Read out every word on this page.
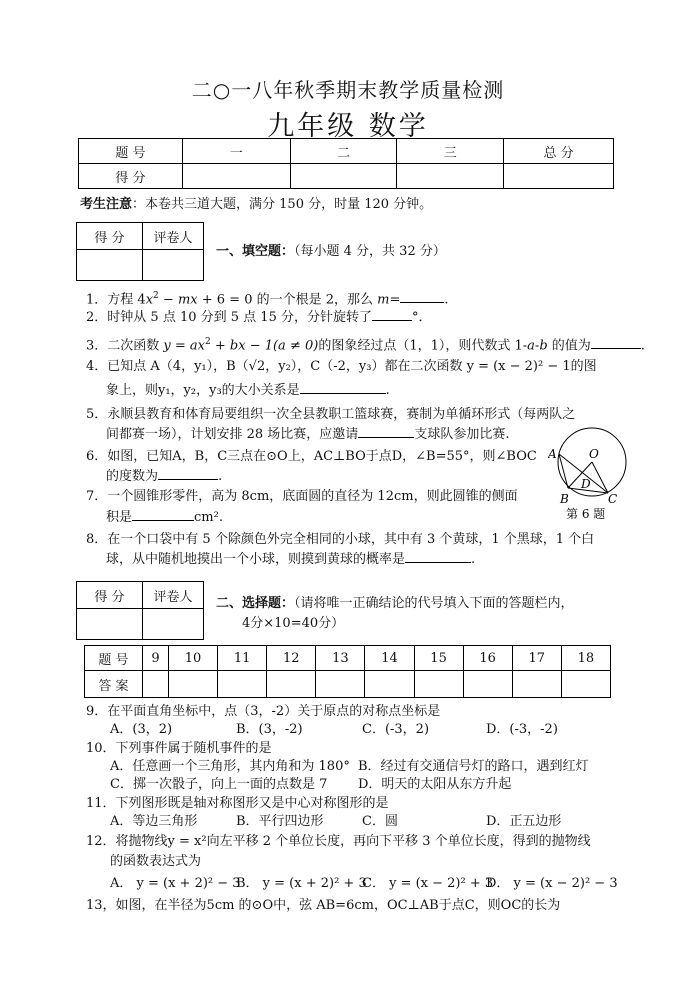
二○一八年秋季期末教学质量检测
九年级 数学
题 号	一	二	三	总 分
得 分				
考生注意：本卷共三道大题，满分 150 分，时量 120 分钟。
得 分	评卷人

一、填空题：（每小题 4 分，共 32 分）
1．方程 $4x^2$ − mx + 6 = 0 的一个根是 2，那么 m=	.
2．时钟从 5 点 10 分到 5 点 15 分，分针旋转了	°．
3．二次函数 $y = ax^2$ + bx − 1(a ≠ 0)的图象经过点（1，1），则代数式 1-a-b 的值为	.
4．已知点 A（4，y₁），B（√2，y₂），C（-2，y₃）都在二次函数 y = (x − 2)² − 1的图
象上，则y₁，y₂，y₃的大小关系是	.
5．永顺县教育和体育局要组织一次全县教职工篮球赛，赛制为单循环形式（每两队之
间都赛一场），计划安排 28 场比赛，应邀请	支球队参加比赛.
6．如图，已知A，B，C三点在⊙O上，AC⊥BO于点D，∠B=55°，则∠BOC
的度数为	.
7．一个圆锥形零件，高为 8cm，底面圆的直径为 12cm，则此圆锥的侧面
积是	cm².
8．在一个口袋中有 5 个除颜色外完全相同的小球，其中有 3 个黄球，1 个黑球，1 个白
球，从中随机地摸出一个小球，则摸到黄球的概率是	.
A	O
D
B	C
第 6 题
得 分	评卷人
	二、选择题：（请将唯一正确结论的代号填入下面的答题栏内，
4分×10=40分）
题 号	9	10	11	12	13	14	15	16	17	18
答 案										
9．在平面直角坐标中，点（3，-2）关于原点的对称点坐标是
A．(3，2)	B．(3，-2)	C．(-3，2)	D．(-3，-2)
10．下列事件属于随机事件的是
A．任意画一个三角形，其内角和为 180° B．经过有交通信号灯的路口，遇到红灯
C．掷一次骰子，向上一面的点数是 7 D．明天的太阳从东方升起
11．下列图形既是轴对称图形又是中心对称图形的是
A．等边三角形	B．平行四边形	C．圆	D．正五边形
12．将抛物线y = x²向左平移 2 个单位长度，再向下平移 3 个单位长度，得到的抛物线
的函数表达式为
A． y = (x + 2)² − 3
B． y = (x + 2)² + 3
C． y = (x − 2)² + 3
D． y = (x − 2)² − 3
13，如图，在半径为5cm 的⊙O中，弦 AB=6cm，OC⊥AB于点C，则OC的长为
